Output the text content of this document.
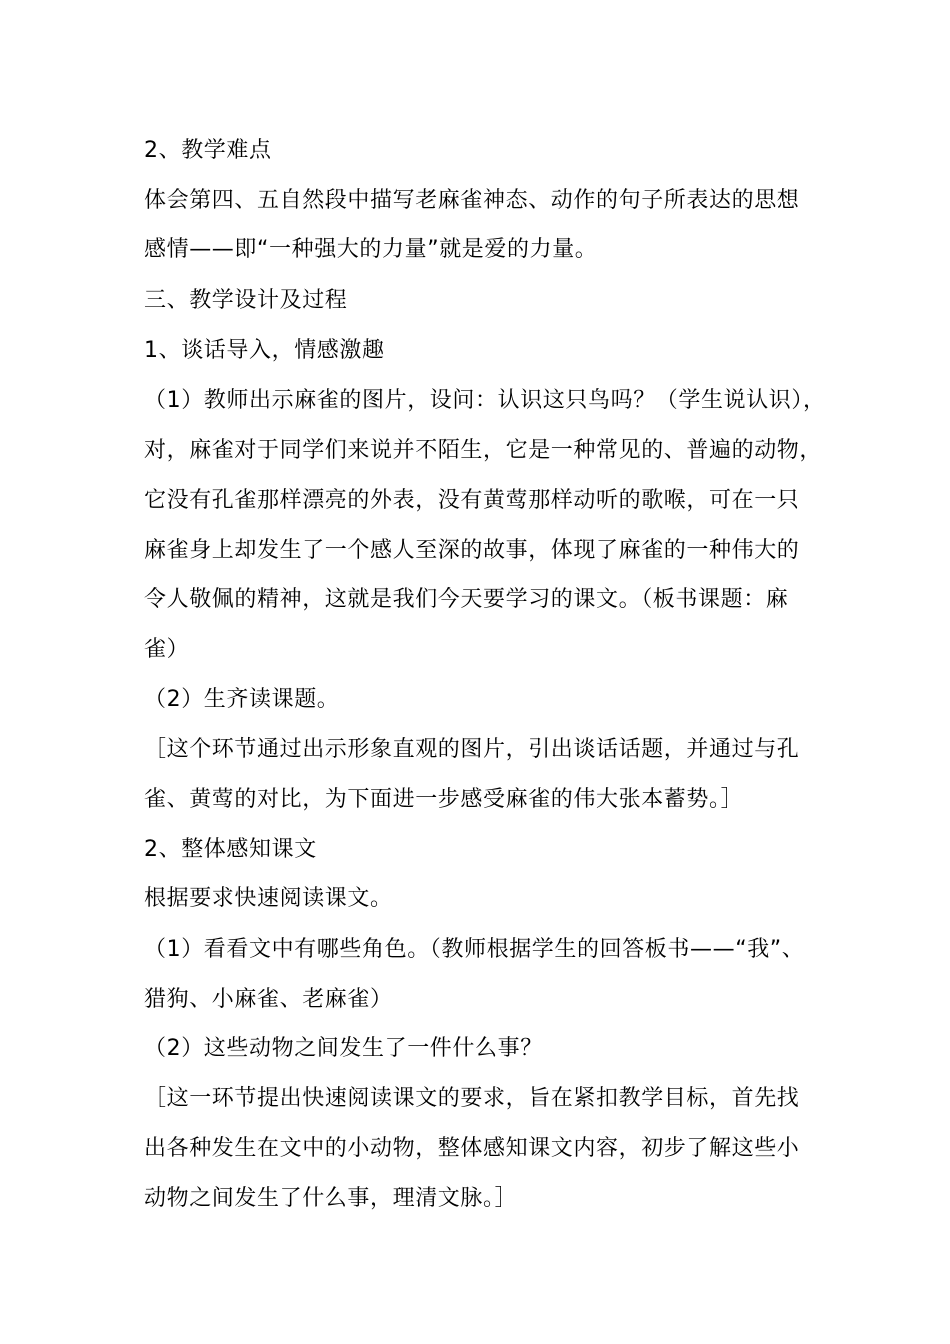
2、教学难点
体会第四、五自然段中描写老麻雀神态、动作的句子所表达的思想
感情——即“一种强大的力量”就是爱的力量。
三、教学设计及过程
1、谈话导入，情感激趣
（1）教师出示麻雀的图片，设问：认识这只鸟吗？（学生说认识），
对，麻雀对于同学们来说并不陌生，它是一种常见的、普遍的动物，
它没有孔雀那样漂亮的外表，没有黄莺那样动听的歌喉，可在一只
麻雀身上却发生了一个感人至深的故事，体现了麻雀的一种伟大的
令人敬佩的精神，这就是我们今天要学习的课文。（板书课题：麻
雀）
（2）生齐读课题。
［这个环节通过出示形象直观的图片，引出谈话话题，并通过与孔
雀、黄莺的对比，为下面进一步感受麻雀的伟大张本蓄势。］
2、整体感知课文
根据要求快速阅读课文。
（1）看看文中有哪些角色。（教师根据学生的回答板书——“我”、
猎狗、小麻雀、老麻雀）
（2）这些动物之间发生了一件什么事？
［这一环节提出快速阅读课文的要求，旨在紧扣教学目标，首先找
出各种发生在文中的小动物，整体感知课文内容，初步了解这些小
动物之间发生了什么事，理清文脉。］
